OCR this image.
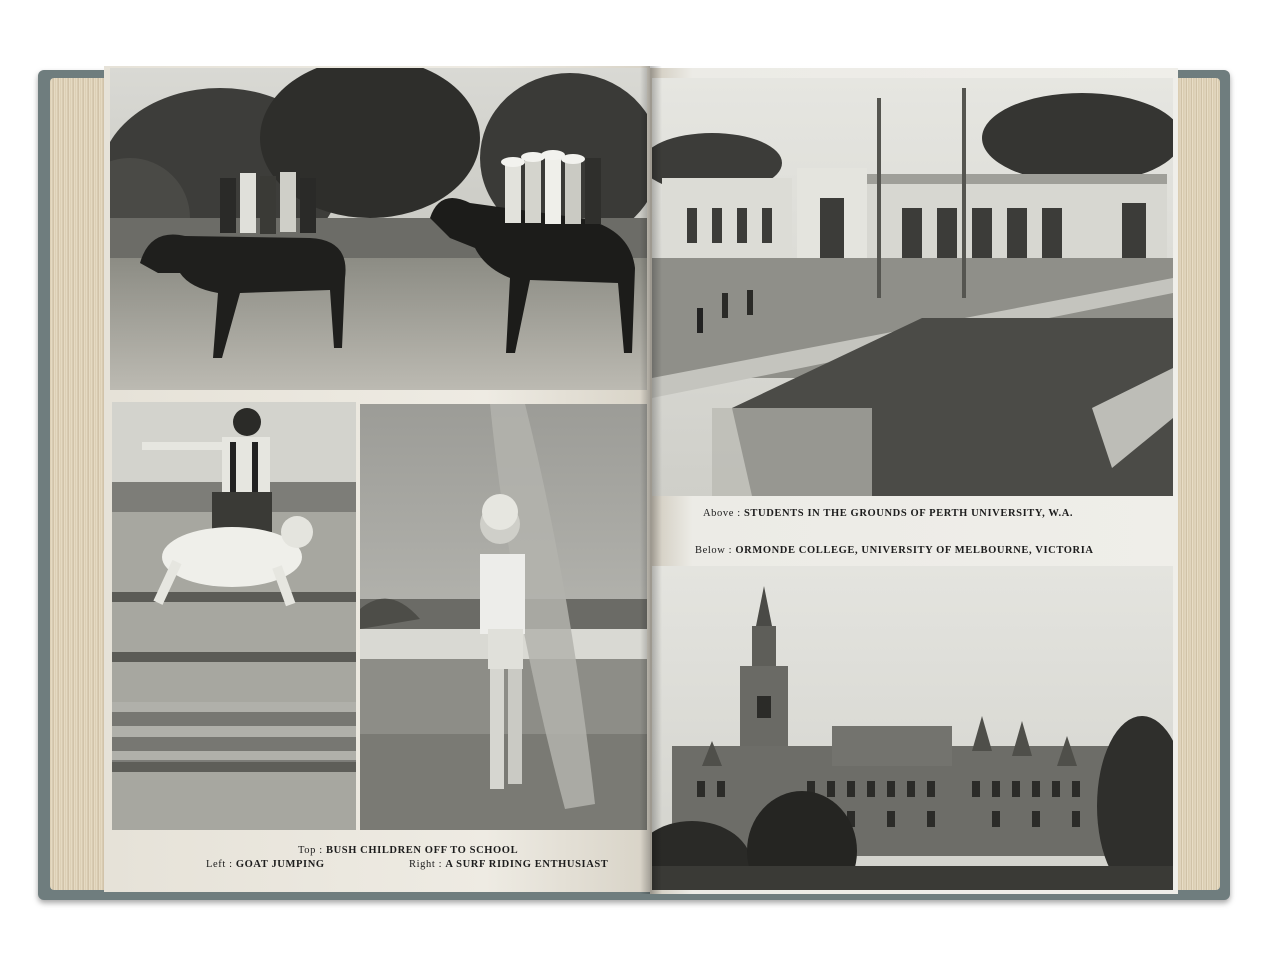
Top : BUSH CHILDREN OFF TO SCHOOL
Left : GOAT JUMPING	Right : A SURF RIDING ENTHUSIAST
Above : STUDENTS IN THE GROUNDS OF PERTH UNIVERSITY, W.A.
Below : ORMONDE COLLEGE, UNIVERSITY OF MELBOURNE, VICTORIA
